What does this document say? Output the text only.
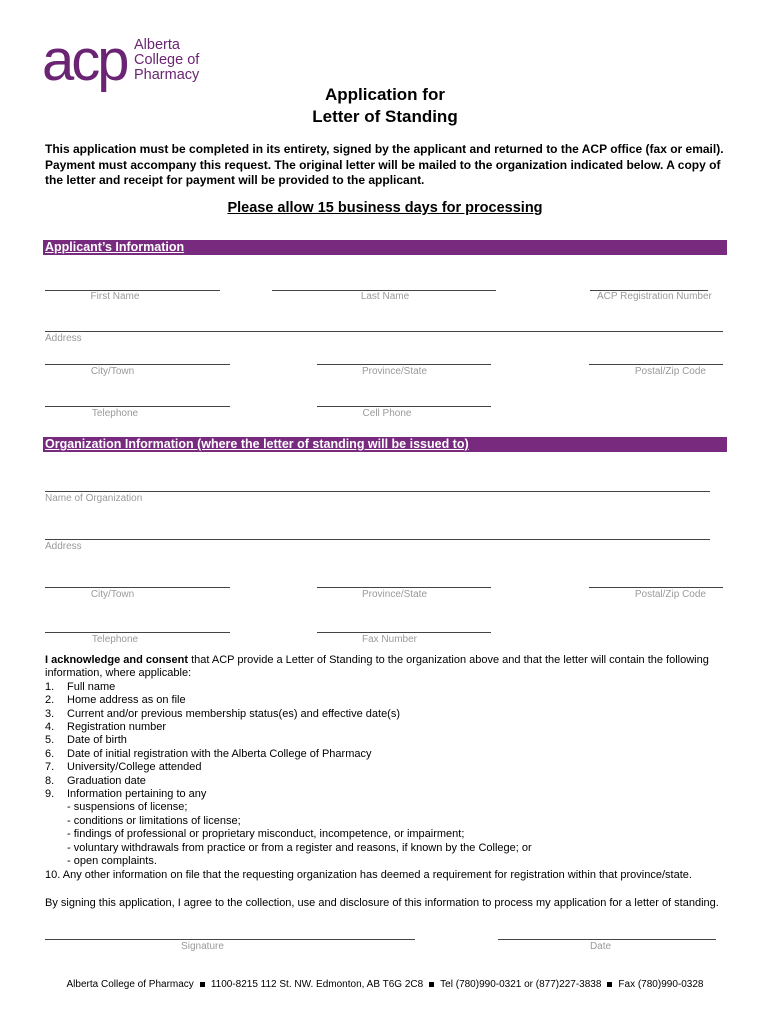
acp Alberta
College of
Pharmacy
Application for
Letter of Standing
This application must be completed in its entirety, signed by the applicant and returned to the ACP office (fax or email). Payment must accompany this request. The original letter will be mailed to the organization indicated below. A copy of the letter and receipt for payment will be provided to the applicant.
Please allow 15 business days for processing
Applicant’s Information
First Name	Last Name	ACP Registration Number
Address
City/Town	Province/State	Postal/Zip Code
Telephone	Cell Phone
Organization Information (where the letter of standing will be issued to)
Name of Organization
Address
City/Town	Province/State	Postal/Zip Code
Telephone	Fax Number
I acknowledge and consent that ACP provide a Letter of Standing to the organization above and that the letter will contain the following information, where applicable:
1. Full name
2. Home address as on file
3. Current and/or previous membership status(es) and effective date(s)
4. Registration number
5. Date of birth
6. Date of initial registration with the Alberta College of Pharmacy
7. University/College attended
8. Graduation date
9. Information pertaining to any
- suspensions of license;
- conditions or limitations of license;
- findings of professional or proprietary misconduct, incompetence, or impairment;
- voluntary withdrawals from practice or from a register and reasons, if known by the College; or
- open complaints.
10. Any other information on file that the requesting organization has deemed a requirement for registration within that province/state.
By signing this application, I agree to the collection, use and disclosure of this information to process my application for a letter of standing.
Signature	Date
Alberta College of Pharmacy 1100-8215 112 St. NW. Edmonton, AB T6G 2C8 Tel (780)990-0321 or (877)227-3838 Fax (780)990-0328
